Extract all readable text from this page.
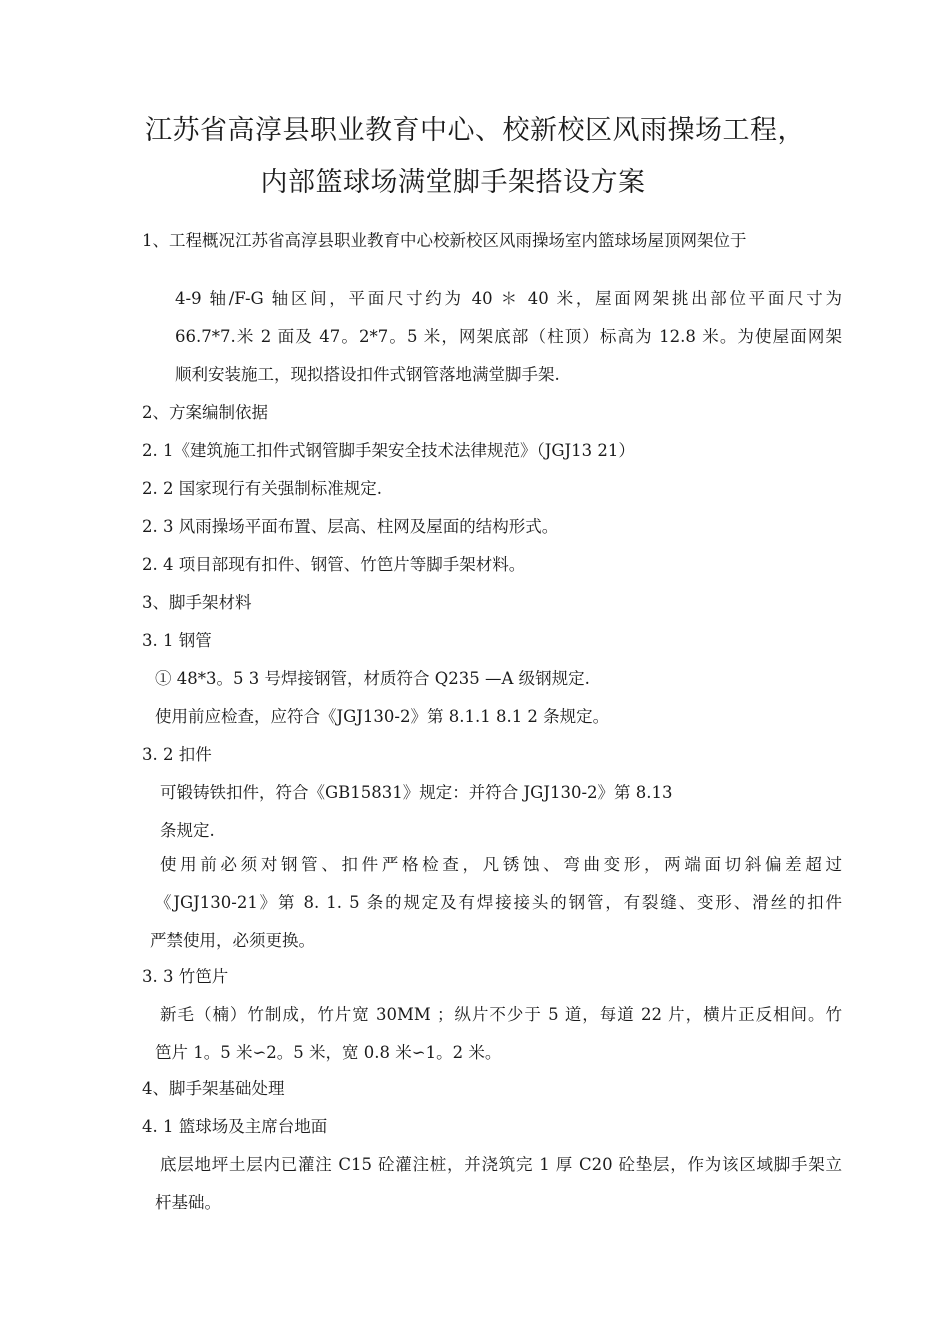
江苏省高淳县职业教育中心、校新校区风雨操场工程，
内部篮球场满堂脚手架搭设方案
1、工程概况江苏省高淳县职业教育中心校新校区风雨操场室内篮球场屋顶网架位于
4-9 轴/F-G 轴区间，平面尺寸约为 40 ＊ 40 米，屋面网架挑出部位平面尺寸为
66.7*7.米 2 面及 47。2*7。5 米，网架底部（柱顶）标高为 12.8 米。为使屋面网架
顺利安装施工，现拟搭设扣件式钢管落地满堂脚手架.
2、方案编制依据
2. 1《建筑施工扣件式钢管脚手架安全技术法律规范》（JGJ13 21）
2. 2 国家现行有关强制标准规定.
2. 3 风雨操场平面布置、层高、柱网及屋面的结构形式。
2. 4 项目部现有扣件、钢管、竹笆片等脚手架材料。
3、脚手架材料
3. 1 钢管
① 48*3。5 3 号焊接钢管，材质符合 Q235 —A 级钢规定.
使用前应检查，应符合《JGJ130-2》第 8.1.1 8.1 2 条规定。
3. 2 扣件
可锻铸铁扣件，符合《GB15831》规定：并符合 JGJ130-2》第 8.13
条规定.
使用前必须对钢管、扣件严格检查，凡锈蚀、弯曲变形，两端面切斜偏差超过
《JGJ130-21》第 8. 1. 5 条的规定及有焊接接头的钢管，有裂缝、变形、滑丝的扣件
严禁使用，必须更换。
3. 3 竹笆片
新毛（楠）竹制成，竹片宽 30MM ；纵片不少于 5 道，每道 22 片，横片正反相间。竹
笆片 1。5 米∽2。5 米，宽 0.8 米∽1。2 米。
4、脚手架基础处理
4. 1 篮球场及主席台地面
底层地坪土层内已灌注 C15 砼灌注桩，并浇筑完 1 厚 C20 砼垫层，作为该区域脚手架立
杆基础。
